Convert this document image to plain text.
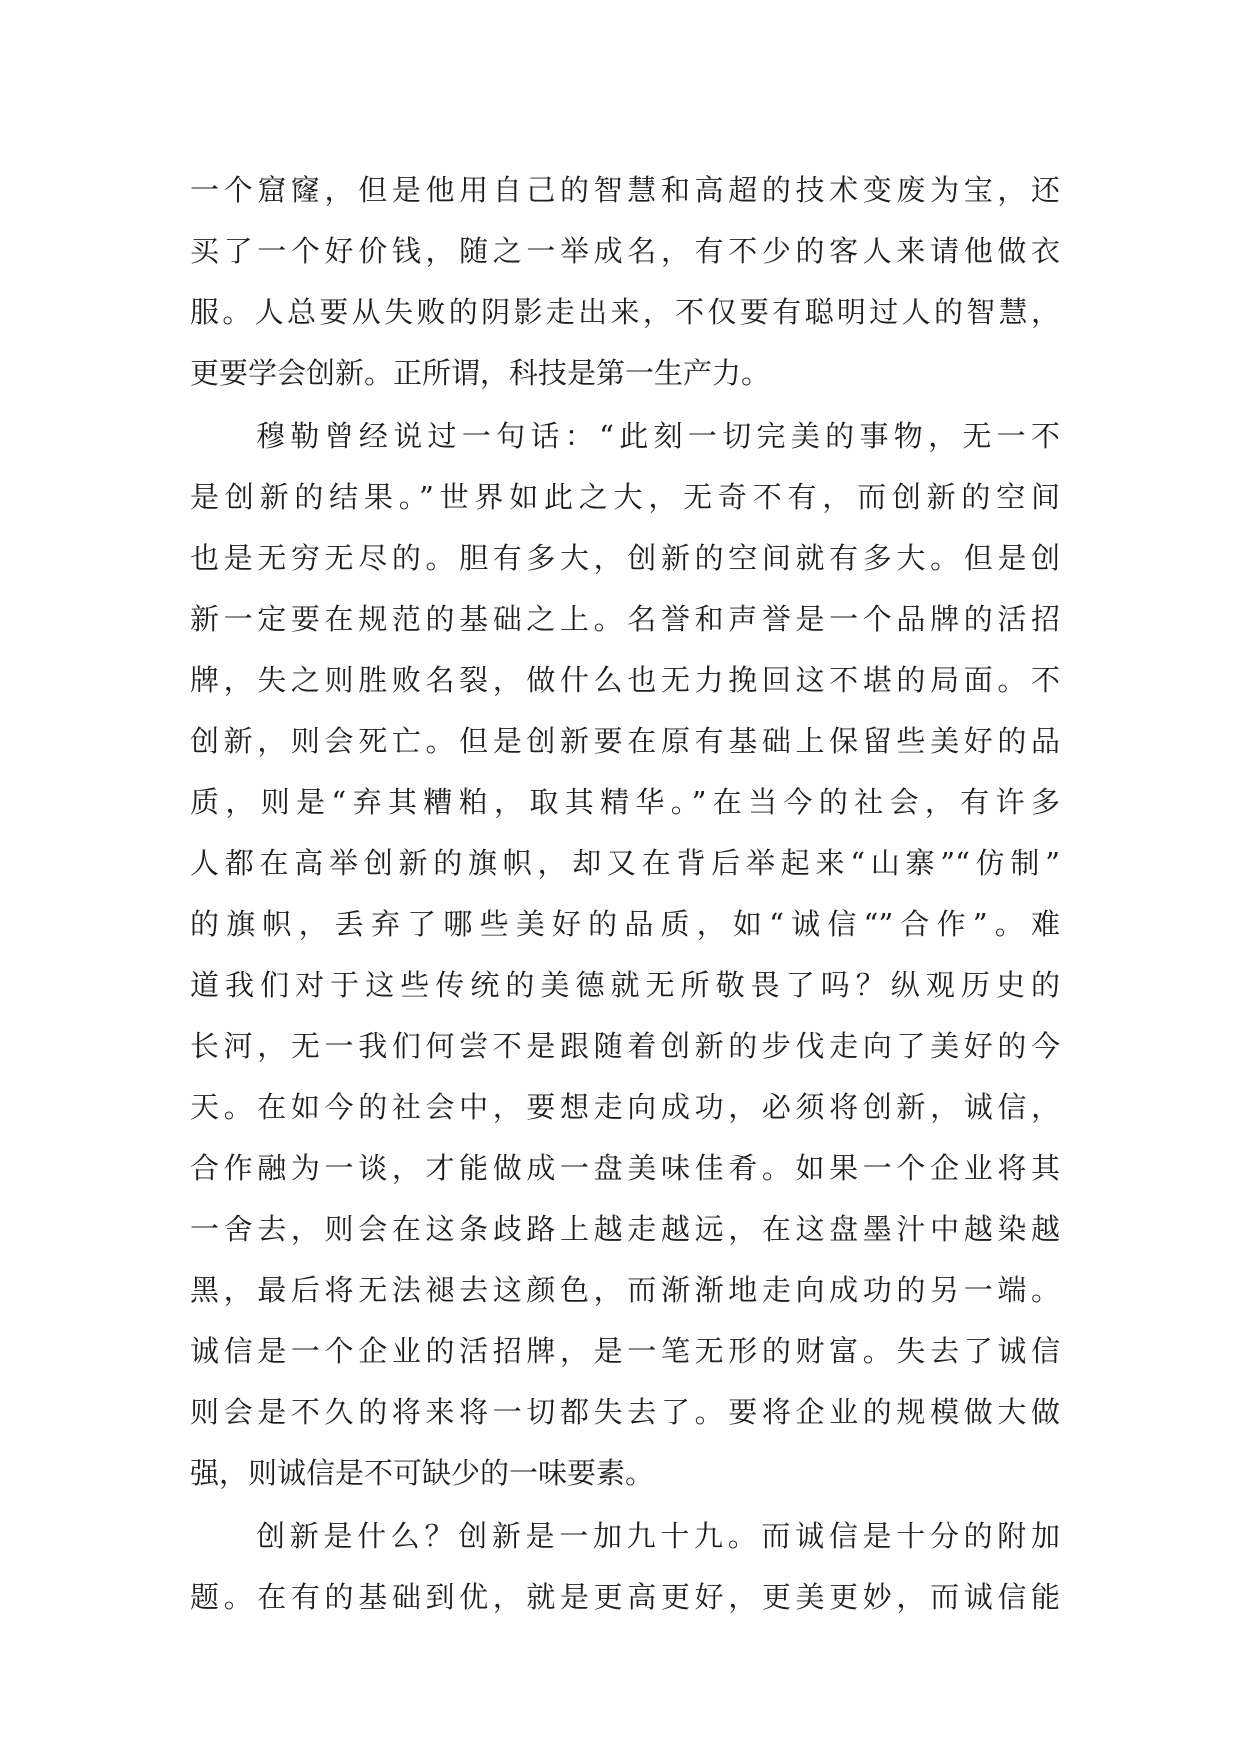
一个窟窿，但是他用自己的智慧和高超的技术变废为宝，还
买了一个好价钱，随之一举成名，有不少的客人来请他做衣
服。人总要从失败的阴影走出来，不仅要有聪明过人的智慧，
更要学会创新。正所谓，科技是第一生产力。
穆勒曾经说过一句话：“此刻一切完美的事物，无一不
是创新的结果。”世界如此之大，无奇不有，而创新的空间
也是无穷无尽的。胆有多大，创新的空间就有多大。但是创
新一定要在规范的基础之上。名誉和声誉是一个品牌的活招
牌，失之则胜败名裂，做什么也无力挽回这不堪的局面。不
创新，则会死亡。但是创新要在原有基础上保留些美好的品
质，则是“弃其糟粕，取其精华。”在当今的社会，有许多
人都在高举创新的旗帜，却又在背后举起来“山寨”“仿制”
的旗帜，丢弃了哪些美好的品质，如“诚信“”合作”。难
道我们对于这些传统的美德就无所敬畏了吗？纵观历史的
长河，无一我们何尝不是跟随着创新的步伐走向了美好的今
天。在如今的社会中，要想走向成功，必须将创新，诚信，
合作融为一谈，才能做成一盘美味佳肴。如果一个企业将其
一舍去，则会在这条歧路上越走越远，在这盘墨汁中越染越
黑，最后将无法褪去这颜色，而渐渐地走向成功的另一端。
诚信是一个企业的活招牌，是一笔无形的财富。失去了诚信
则会是不久的将来将一切都失去了。要将企业的规模做大做
强，则诚信是不可缺少的一味要素。
创新是什么？创新是一加九十九。而诚信是十分的附加
题。在有的基础到优，就是更高更好，更美更妙，而诚信能
